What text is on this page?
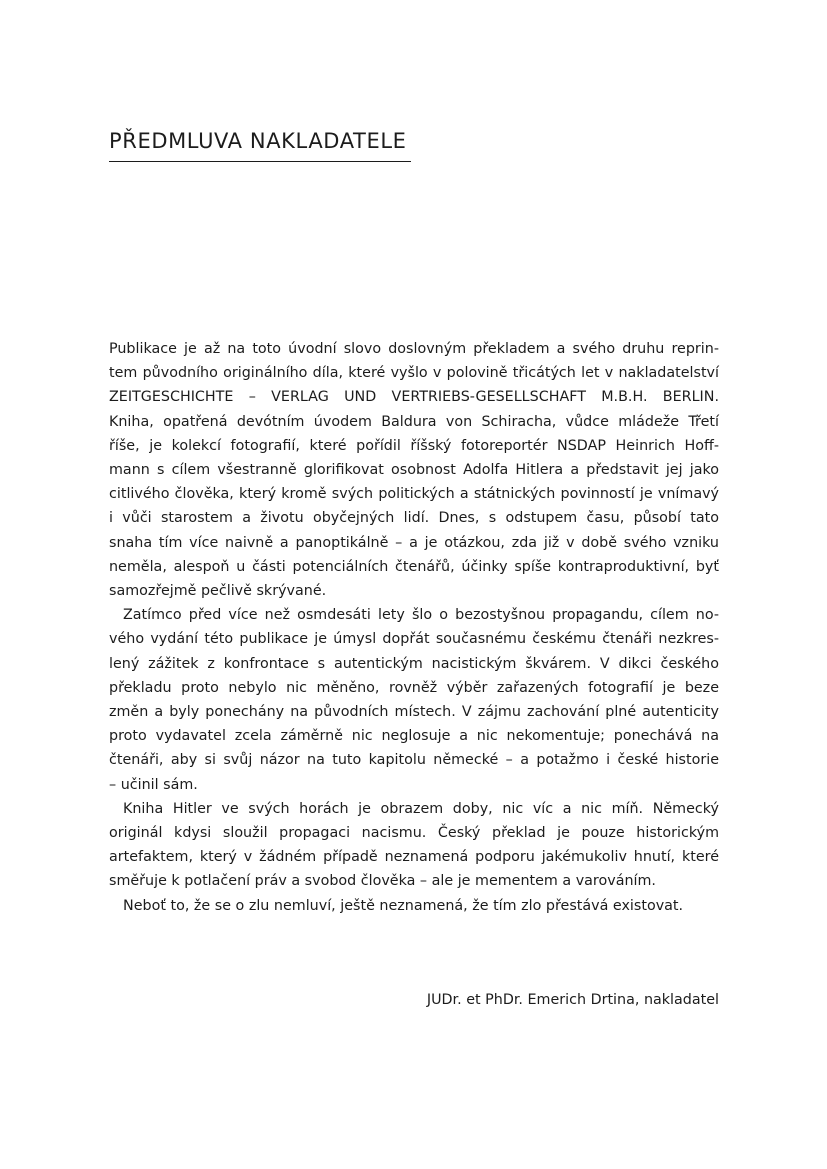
PŘEDMLUVA NAKLADATELE
Publikace je až na toto úvodní slovo doslovným překladem a svého druhu reprin-
tem původního originálního díla, které vyšlo v polovině třicátých let v nakladatelství
ZEITGESCHICHTE – VERLAG UND VERTRIEBS-GESELLSCHAFT M.B.H. BERLIN.
Kniha, opatřená devótním úvodem Baldura von Schiracha, vůdce mládeže Třetí
říše, je kolekcí fotografií, které pořídil říšský fotoreportér NSDAP Heinrich Hoff-
mann s cílem všestranně glorifikovat osobnost Adolfa Hitlera a představit jej jako
citlivého člověka, který kromě svých politických a státnických povinností je vnímavý
i vůči starostem a životu obyčejných lidí. Dnes, s odstupem času, působí tato
snaha tím více naivně a panoptikálně – a je otázkou, zda již v době svého vzniku
neměla, alespoň u části potenciálních čtenářů, účinky spíše kontraproduktivní, byť
samozřejmě pečlivě skrývané.
Zatímco před více než osmdesáti lety šlo o bezostyšnou propagandu, cílem no-
vého vydání této publikace je úmysl dopřát současnému českému čtenáři nezkres-
lený zážitek z konfrontace s autentickým nacistickým škvárem. V dikci českého
překladu proto nebylo nic měněno, rovněž výběr zařazených fotografií je beze
změn a byly ponechány na původních místech. V zájmu zachování plné autenticity
proto vydavatel zcela záměrně nic neglosuje a nic nekomentuje; ponechává na
čtenáři, aby si svůj názor na tuto kapitolu německé – a potažmo i české historie
– učinil sám.
Kniha Hitler ve svých horách je obrazem doby, nic víc a nic míň. Německý
originál kdysi sloužil propagaci nacismu. Český překlad je pouze historickým
artefaktem, který v žádném případě neznamená podporu jakémukoliv hnutí, které
směřuje k potlačení práv a svobod člověka – ale je mementem a varováním.
Neboť to, že se o zlu nemluví, ještě neznamená, že tím zlo přestává existovat.
JUDr. et PhDr. Emerich Drtina, nakladatel
